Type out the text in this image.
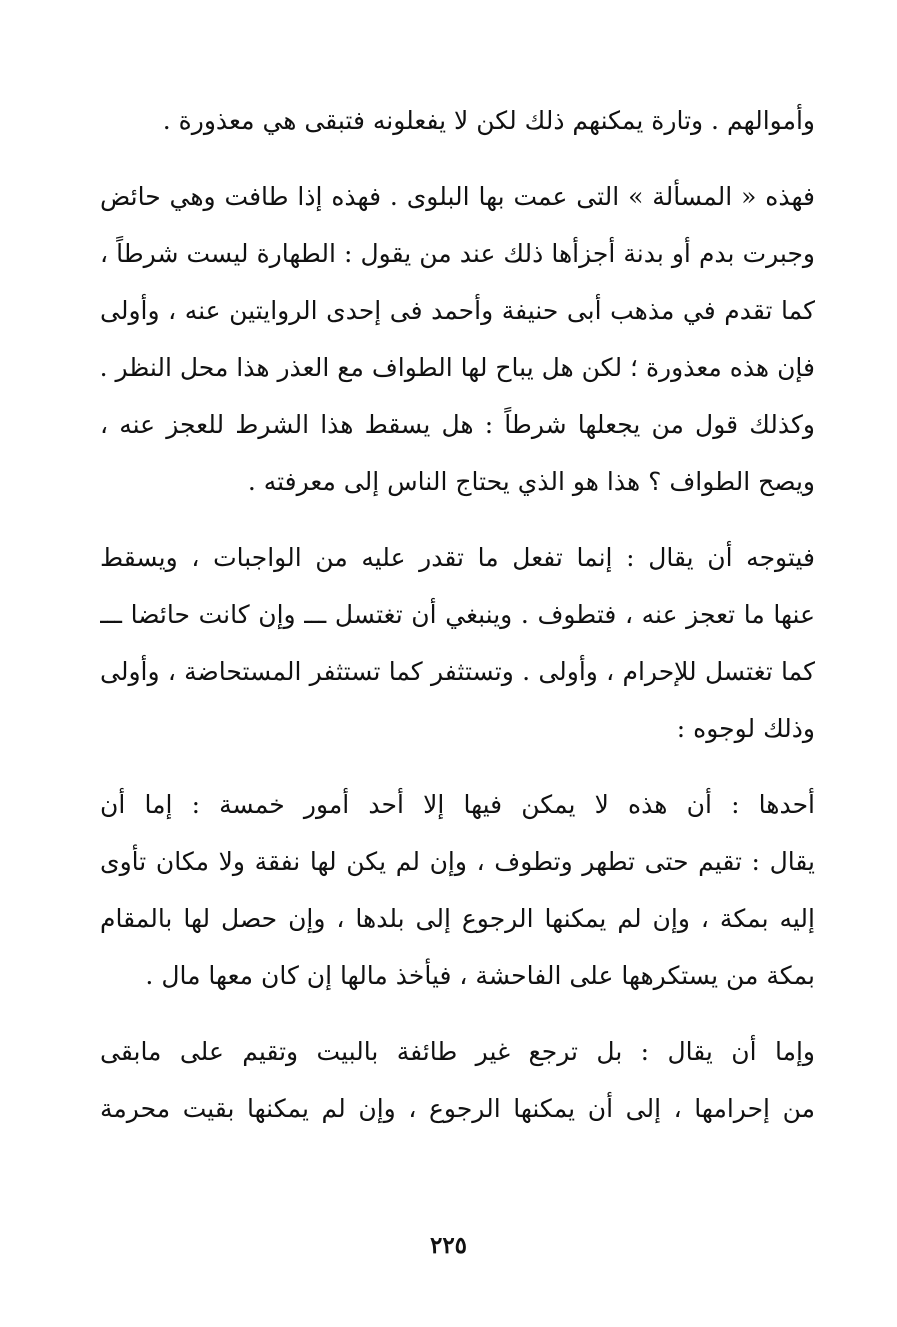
وأموالهم . وتارة يمكنهم ذلك لكن لا يفعلونه فتبقى هي معذورة .
فهذه « المسألة » التى عمت بها البلوى . فهذه إذا طافت وهي حائض
وجبرت بدم أو بدنة أجزأها ذلك عند من يقول : الطهارة ليست شرطاً ،
كما تقدم في مذهب أبى حنيفة وأحمد فى إحدى الروايتين عنه ، وأولى
فإن هذه معذورة ؛ لكن هل يباح لها الطواف مع العذر هذا محل النظر .
وكذلك قول من يجعلها شرطاً : هل يسقط هذا الشرط للعجز عنه ،
ويصح الطواف ؟ هذا هو الذي يحتاج الناس إلى معرفته .
فيتوجه أن يقال : إنما تفعل ما تقدر عليه من الواجبات ، ويسقط
عنها ما تعجز عنه ، فتطوف . وينبغي أن تغتسل ـــ وإن كانت حائضا ـــ
كما تغتسل للإحرام ، وأولى . وتستثفر كما تستثفر المستحاضة ، وأولى
وذلك لوجوه :
أحدها : أن هذه لا يمكن فيها إلا أحد أمور خمسة : إما أن
يقال : تقيم حتى تطهر وتطوف ، وإن لم يكن لها نفقة ولا مكان تأوى
إليه بمكة ، وإن لم يمكنها الرجوع إلى بلدها ، وإن حصل لها بالمقام
بمكة من يستكرهها على الفاحشة ، فيأخذ مالها إن كان معها مال .
وإما أن يقال : بل ترجع غير طائفة بالبيت وتقيم على مابقى
من إحرامها ، إلى أن يمكنها الرجوع ، وإن لم يمكنها بقيت محرمة
٢٢٥
